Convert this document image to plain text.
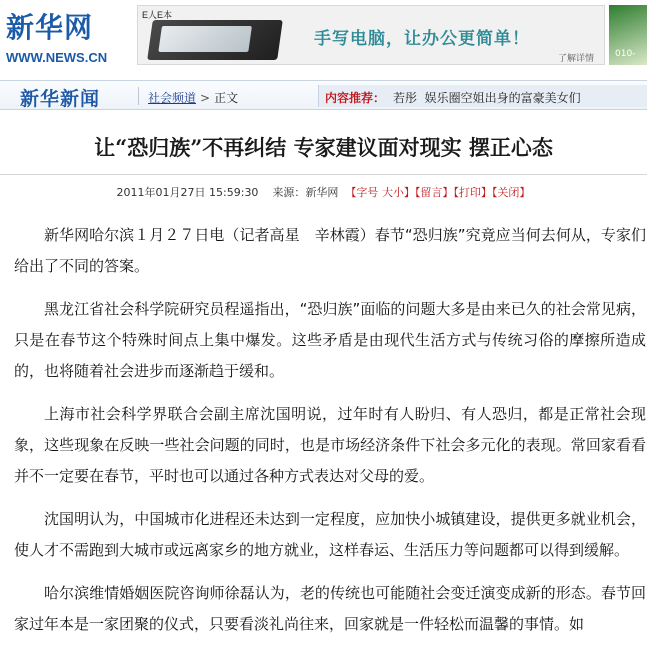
新华网
WWW.NEWS.CN
E人E本
手写电脑，让办公更简单！
了解详情 010-
新华新闻	社会频道 > 正文	内容推荐： 若彤 娱乐圈空姐出身的富豪美女们
让“恐归族”不再纠结 专家建议面对现实 摆正心态
2011年01月27日 15:59:30 来源：新华网 【字号 大小】【留言】【打印】【关闭】

新华网哈尔滨１月２７日电（记者高星　辛林霞）春节“恐归族”究竟应当何去何从，专家们给出了不同的答案。

黑龙江省社会科学院研究员程遥指出，“恐归族”面临的问题大多是由来已久的社会常见病，只是在春节这个特殊时间点上集中爆发。这些矛盾是由现代生活方式与传统习俗的摩擦所造成的，也将随着社会进步而逐渐趋于缓和。

上海市社会科学界联合会副主席沈国明说，过年时有人盼归、有人恐归，都是正常社会现象，这些现象在反映一些社会问题的同时，也是市场经济条件下社会多元化的表现。常回家看看并不一定要在春节，平时也可以通过各种方式表达对父母的爱。

沈国明认为，中国城市化进程还未达到一定程度，应加快小城镇建设，提供更多就业机会，使人才不需跑到大城市或远离家乡的地方就业，这样春运、生活压力等问题都可以得到缓解。

哈尔滨维情婚姻医院咨询师徐磊认为，老的传统也可能随社会变迁演变成新的形态。春节回家过年本是一家团聚的仪式，只要看淡礼尚往来，回家就是一件轻松而温馨的事情。如
